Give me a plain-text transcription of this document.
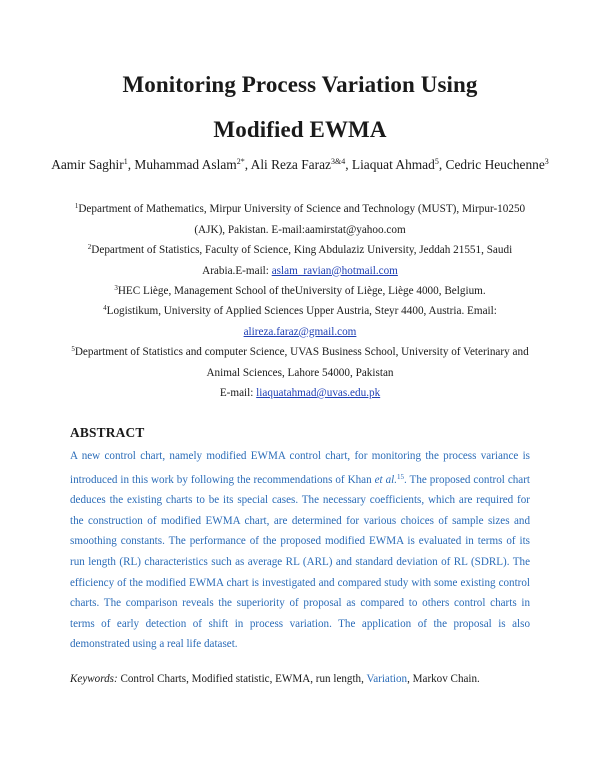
Monitoring Process Variation Using
Modified EWMA
Aamir Saghir$^1$, Muhammad Aslam$^{2*}$, Ali Reza Faraz$^{3\&4}$, Liaquat Ahmad$^5$, Cedric Heuchenne$^3$
$^1$Department of Mathematics, Mirpur University of Science and Technology (MUST), Mirpur-10250 (AJK), Pakistan. E-mail:aamirstat@yahoo.com
$^2$Department of Statistics, Faculty of Science, King Abdulaziz University, Jeddah 21551, Saudi Arabia.E-mail: aslam_ravian@hotmail.com
$^3$HEC Liège, Management School of theUniversity of Liège, Liège 4000, Belgium.
$^4$Logistikum, University of Applied Sciences Upper Austria, Steyr 4400, Austria. Email: alireza.faraz@gmail.com
$^5$Department of Statistics and computer Science, UVAS Business School, University of Veterinary and Animal Sciences, Lahore 54000, Pakistan
E-mail: liaquatahmad@uvas.edu.pk
ABSTRACT
A new control chart, namely modified EWMA control chart, for monitoring the process variance is introduced in this work by following the recommendations of Khan et al.$^{15}$. The proposed control chart deduces the existing charts to be its special cases. The necessary coefficients, which are required for the construction of modified EWMA chart, are determined for various choices of sample sizes and smoothing constants. The performance of the proposed modified EWMA is evaluated in terms of its run length (RL) characteristics such as average RL (ARL) and standard deviation of RL (SDRL). The efficiency of the modified EWMA chart is investigated and compared study with some existing control charts. The comparison reveals the superiority of proposal as compared to others control charts in terms of early detection of shift in process variation. The application of the proposal is also demonstrated using a real life dataset.
Keywords: Control Charts, Modified statistic, EWMA, run length, Variation, Markov Chain.
